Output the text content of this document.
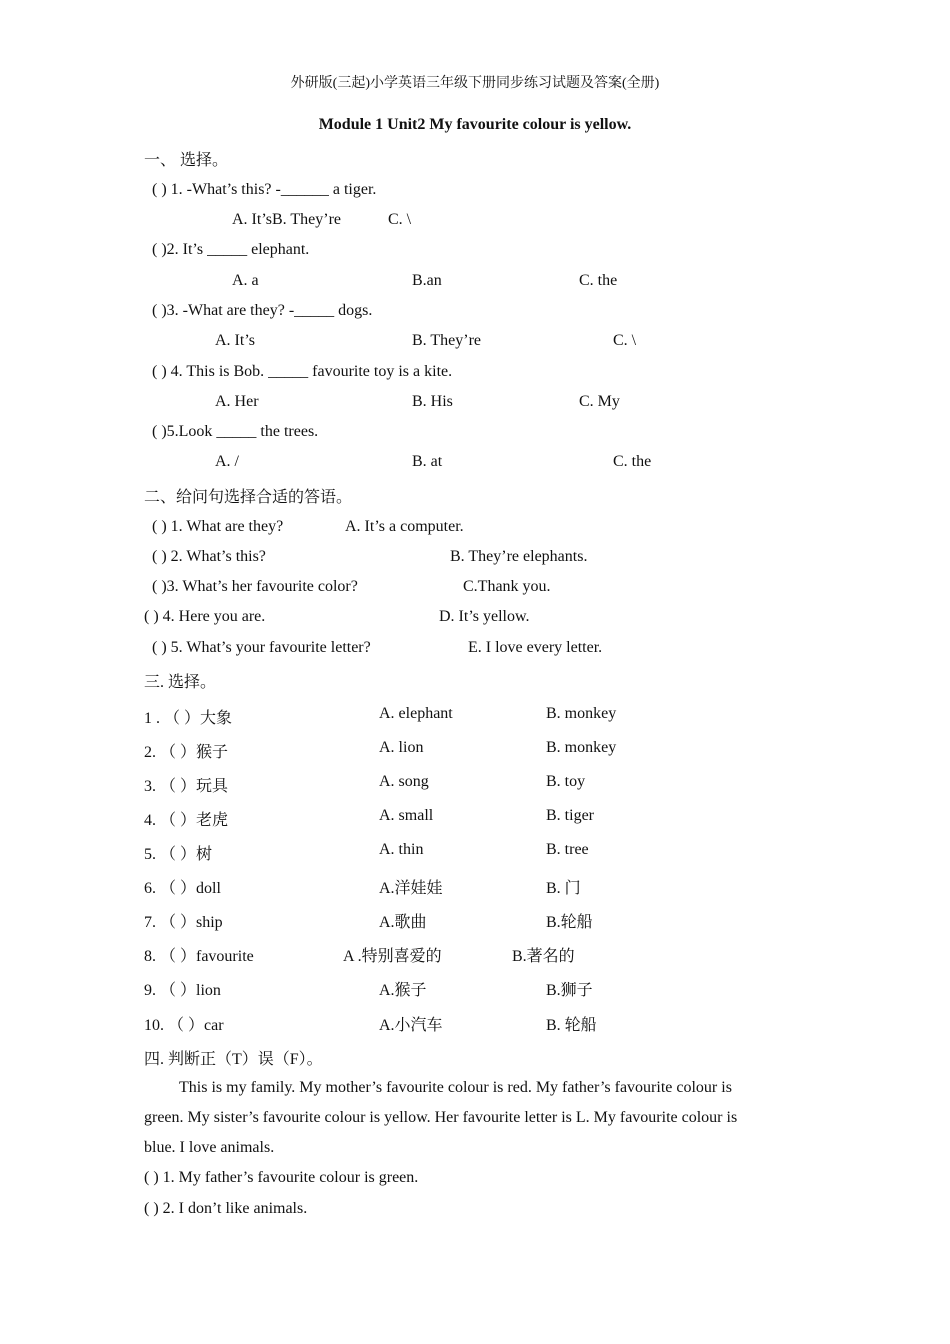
外研版(三起)小学英语三年级下册同步练习试题及答案(全册)
Module 1 Unit2 My favourite colour is yellow.
一、 选择。
( ) 1. -What’s this? -______ a tiger.
A. It’sB. They’re	C. \
( )2. It’s _____ elephant.
A. a	B.an	C. the
( )3. -What are they? -_____ dogs.
A. It’s	B. They’re	C. \
( ) 4. This is Bob. _____ favourite toy is a kite.
A. Her	B. His	C. My
( )5.Look _____ the trees.
A. /	B. at	C. the
二、给问句选择合适的答语。
( ) 1. What are they?	A. It’s a computer.
( ) 2. What’s this?	B. They’re elephants.
( )3. What’s her favourite color?	C.Thank you.
( ) 4. Here you are.	D. It’s yellow.
( ) 5. What’s your favourite letter?	E. I love every letter.
三. 选择。
1 . （ ）大象	A. elephant	B. monkey
2. （ ）猴子	A. lion	B. monkey
3. （ ）玩具	A. song	B. toy
4. （ ）老虎	A. small	B. tiger
5. （ ）树	A. thin	B. tree
6. （ ）doll	A.洋娃娃	B. 门
7. （ ）ship	A.歌曲	B.轮船
8. （ ）favourite	A .特别喜爱的	B.著名的
9. （ ）lion	A.猴子	B.狮子
10. （ ）car	A.小汽车	B. 轮船
四. 判断正（T）误（F）。
This is my family. My mother’s favourite colour is red. My father’s favourite colour is
green. My sister’s favourite colour is yellow. Her favourite letter is L. My favourite colour is
blue. I love animals.
( ) 1. My father’s favourite colour is green.
( ) 2. I don’t like animals.
